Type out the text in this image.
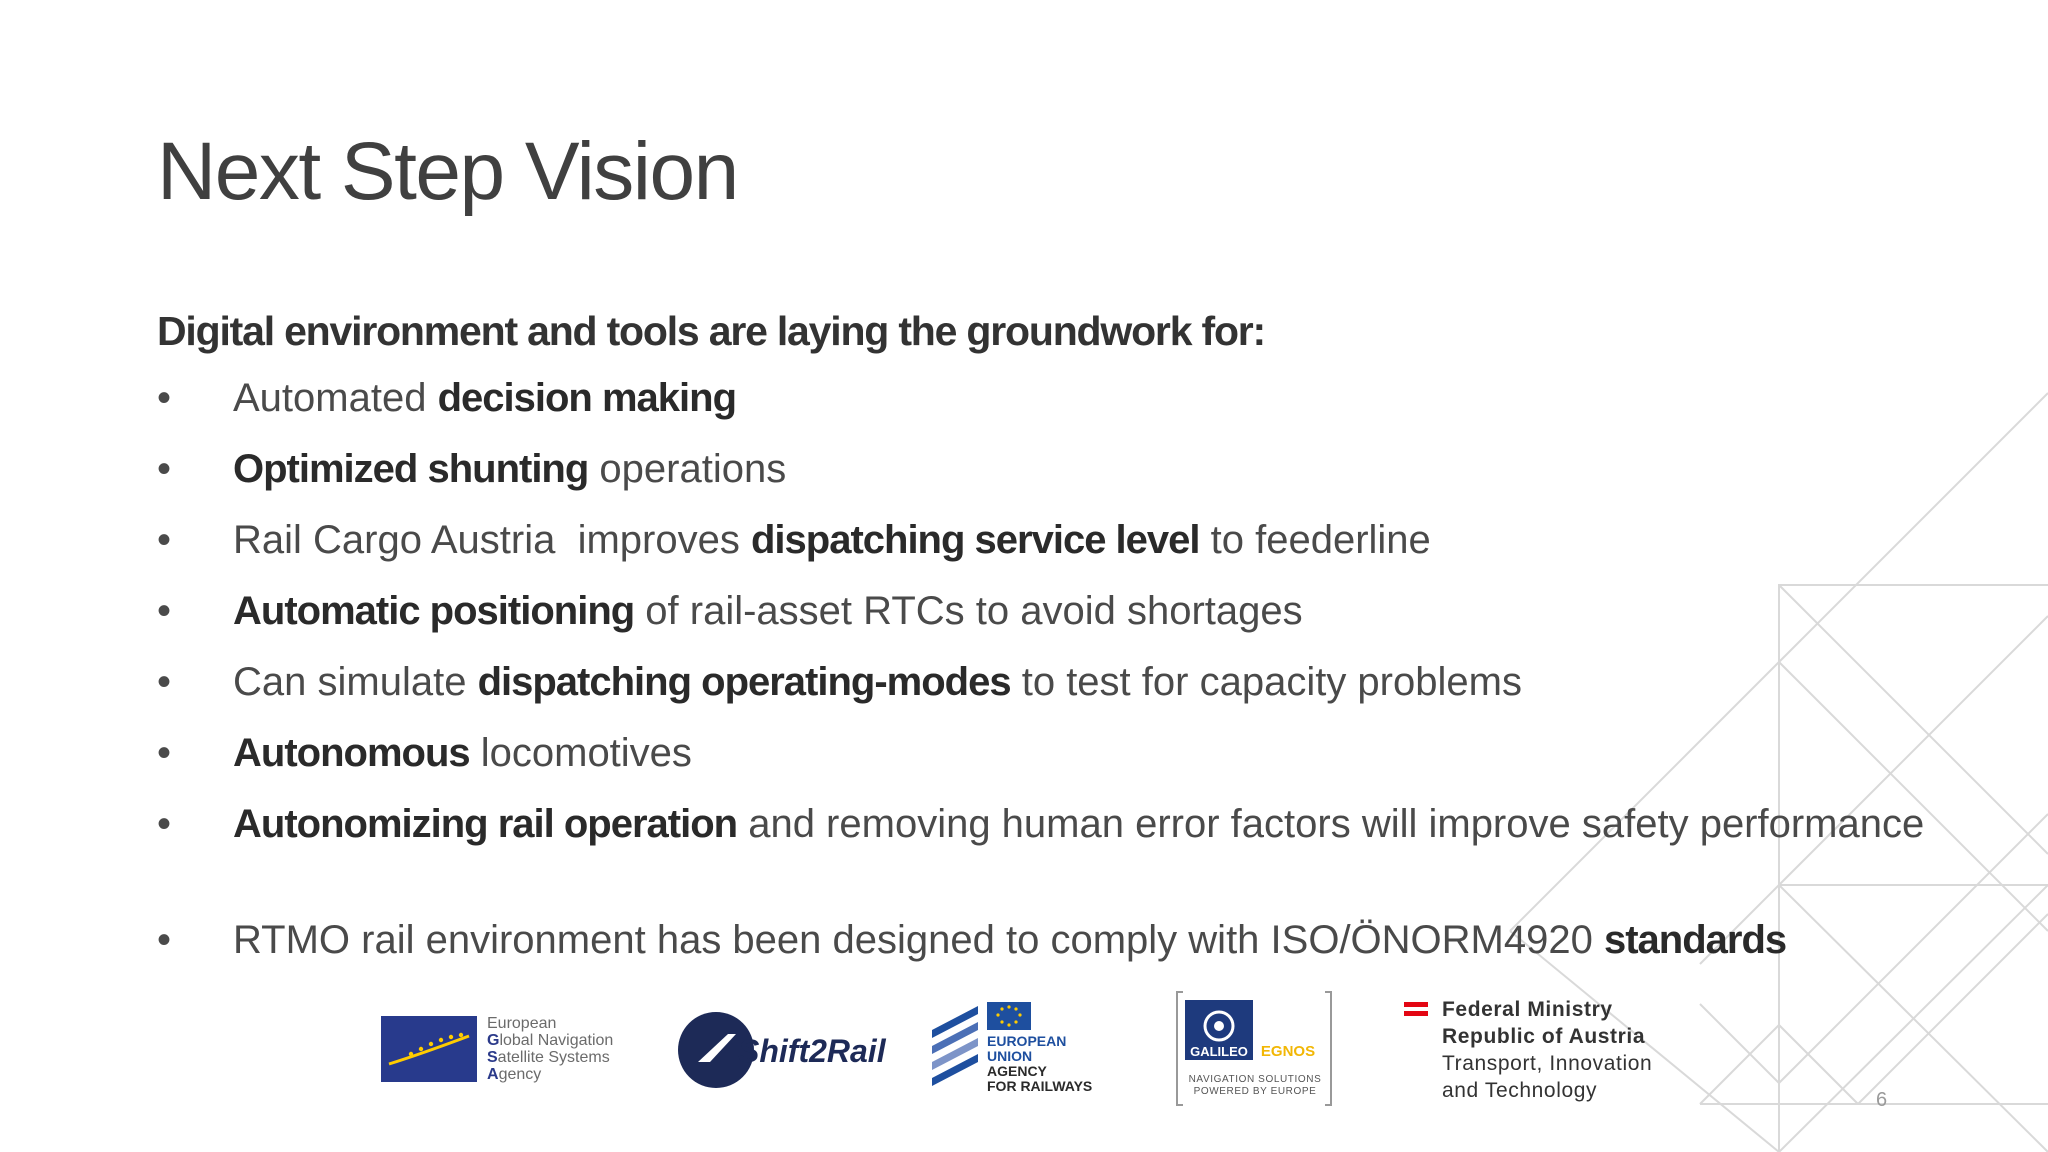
Next Step Vision
Digital environment and tools are laying the groundwork for:
•	Automated decision making
•	Optimized shunting operations
•	Rail Cargo Austria  improves dispatching service level to feederline
•	Automatic positioning of rail-asset RTCs to avoid shortages
•	Can simulate dispatching operating-modes to test for capacity problems
•	Autonomous locomotives
•	Autonomizing rail operation and removing human error factors will improve safety performance
•	RTMO rail environment has been designed to comply with ISO/ÖNORM4920 standards
European
Global Navigation
Satellite Systems
Agency
Shift2Rail	EUROPEAN
UNION
AGENCY
FOR RAILWAYS
GALILEO EGNOS
NAVIGATION SOLUTIONS
POWERED BY EUROPE
Federal Ministry
Republic of Austria
Transport, Innovation
and Technology	6
